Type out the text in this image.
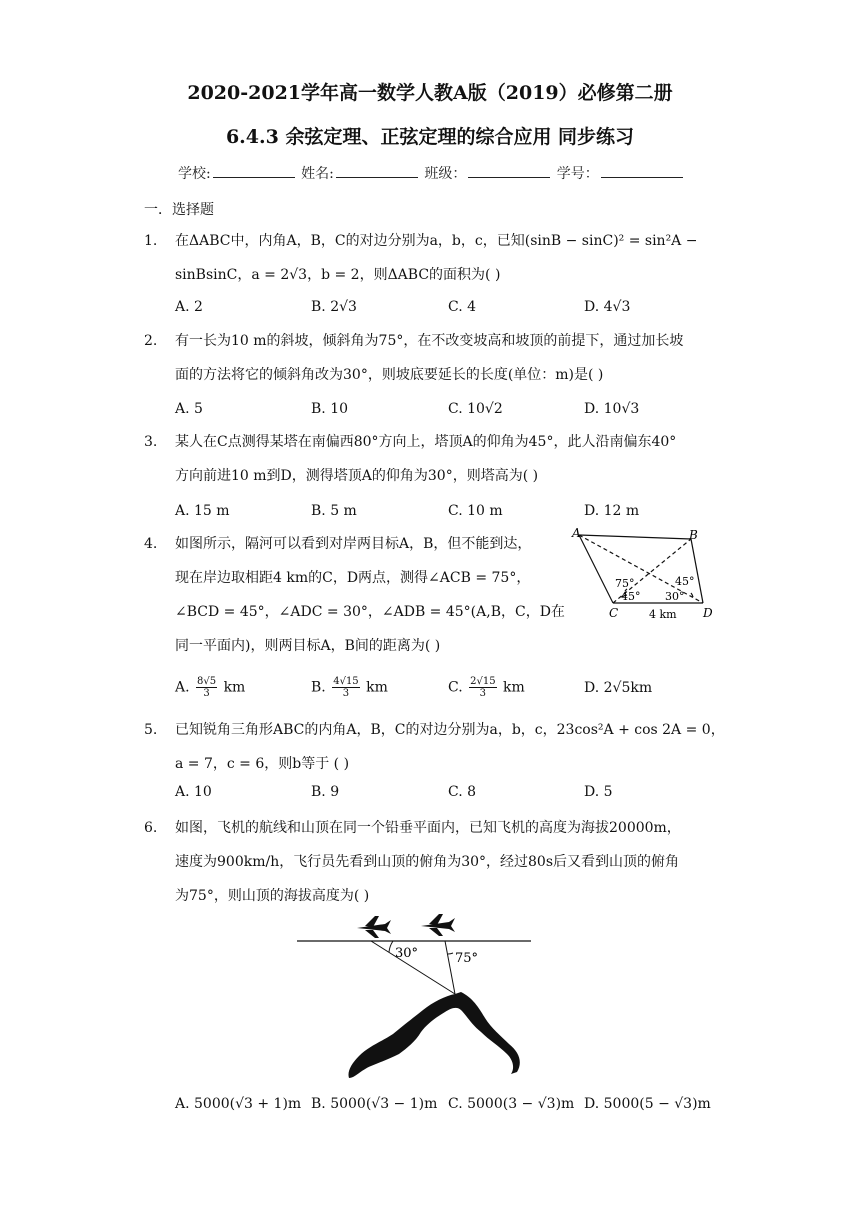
2020-2021学年高一数学人教A版（2019）必修第二册
6.4.3 余弦定理、正弦定理的综合应用 同步练习
学校:	姓名:	班级：	学号：
一．选择题
1. 在ΔABC中，内角A，B，C的对边分别为a，b，c，已知(sinB − sinC)² = sin²A −
sinBsinC，a = 2√3，b = 2，则ΔABC的面积为( )
A. 2	B. 2√3	C. 4	D. 4√3
2. 有一长为10 m的斜坡，倾斜角为75°，在不改变坡高和坡顶的前提下，通过加长坡
面的方法将它的倾斜角改为30°，则坡底要延长的长度(单位：m)是( )
A. 5	B. 10	C. 10√2	D. 10√3
3. 某人在C点测得某塔在南偏西80°方向上，塔顶A的仰角为45°，此人沿南偏东40°
方向前进10 m到D，测得塔顶A的仰角为30°，则塔高为( )
A. 15 m	B. 5 m	C. 10 m	D. 12 m
4. 如图所示，隔河可以看到对岸两目标A，B，但不能到达，
现在岸边取相距4 km的C，D两点，测得∠ACB = 75°，
∠BCD = 45°，∠ADC = 30°，∠ADB = 45°(A,B，C，D在
同一平面内)，则两目标A，B间的距离为( )
A	B
C	D
75°
45°
45°
30°
4 km
A. $\frac{8√5}{3}$ km	B. $\frac{4√15}{3}$ km	C. $\frac{2√15}{3}$ km	D. 2√5km
5. 已知锐角三角形ABC的内角A，B，C的对边分别为a，b，c，23cos²A + cos 2A = 0，
a = 7，c = 6，则b等于 ( )
A. 10	B. 9	C. 8	D. 5
6. 如图，飞机的航线和山顶在同一个铅垂平面内，已知飞机的高度为海拔20000m，
速度为900km/h，飞行员先看到山顶的俯角为30°，经过80s后又看到山顶的俯角
为75°，则山顶的海拔高度为( )
30°	75°
A. 5000(√3 + 1)m B. 5000(√3 − 1)m C. 5000(3 − √3)m D. 5000(5 − √3)m
